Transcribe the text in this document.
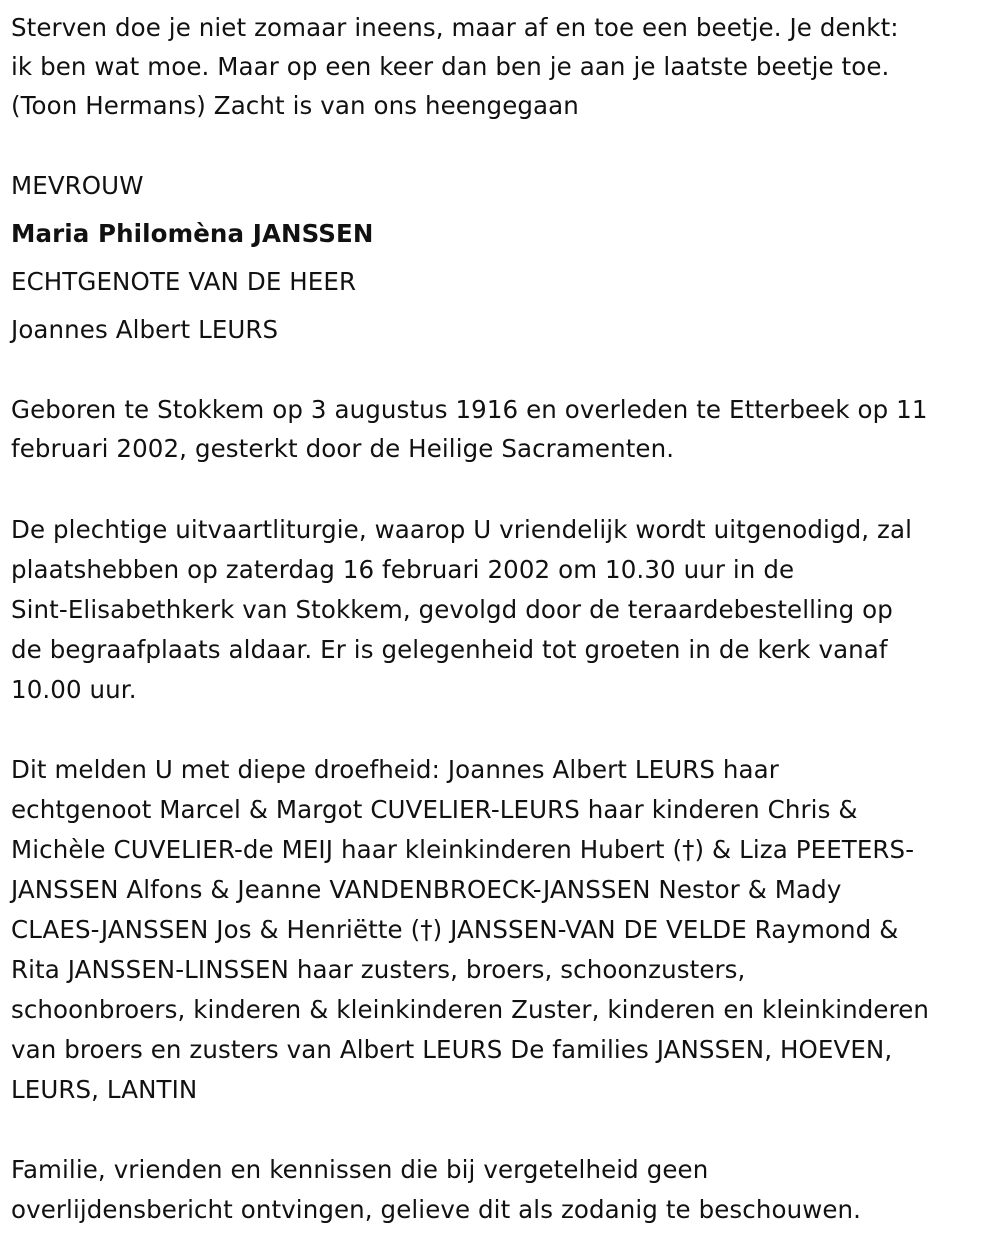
Sterven doe je niet zomaar ineens, maar af en toe een beetje. Je denkt:
ik ben wat moe. Maar op een keer dan ben je aan je laatste beetje toe.
(Toon Hermans) Zacht is van ons heengegaan
MEVROUW
Maria Philomèna JANSSEN
ECHTGENOTE VAN DE HEER
Joannes Albert LEURS
Geboren te Stokkem op 3 augustus 1916 en overleden te Etterbeek op 11
februari 2002, gesterkt door de Heilige Sacramenten.
De plechtige uitvaartliturgie, waarop U vriendelijk wordt uitgenodigd, zal
plaatshebben op zaterdag 16 februari 2002 om 10.30 uur in de
Sint-Elisabethkerk van Stokkem, gevolgd door de teraardebestelling op
de begraafplaats aldaar. Er is gelegenheid tot groeten in de kerk vanaf
10.00 uur.
Dit melden U met diepe droefheid: Joannes Albert LEURS haar
echtgenoot Marcel & Margot CUVELIER-LEURS haar kinderen Chris &
Michèle CUVELIER-de MEIJ haar kleinkinderen Hubert (†) & Liza PEETERS-
JANSSEN Alfons & Jeanne VANDENBROECK-JANSSEN Nestor & Mady
CLAES-JANSSEN Jos & Henriëtte (†) JANSSEN-VAN DE VELDE Raymond &
Rita JANSSEN-LINSSEN haar zusters, broers, schoonzusters,
schoonbroers, kinderen & kleinkinderen Zuster, kinderen en kleinkinderen
van broers en zusters van Albert LEURS De families JANSSEN, HOEVEN,
LEURS, LANTIN
Familie, vrienden en kennissen die bij vergetelheid geen
overlijdensbericht ontvingen, gelieve dit als zodanig te beschouwen.
